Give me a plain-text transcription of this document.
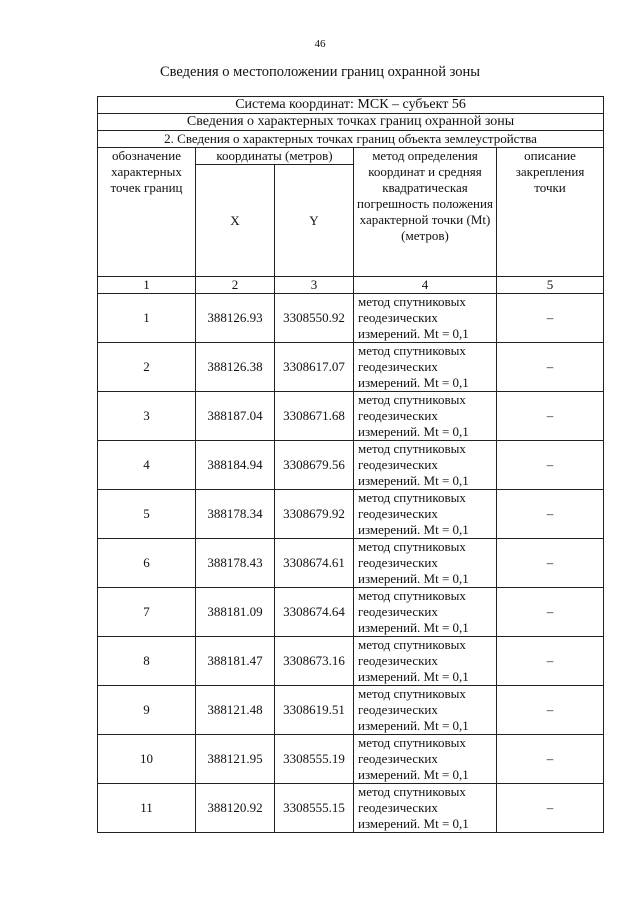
46
Сведения о местоположении границ охранной зоны
Система координат: МСК – субъект 56				
Сведения о характерных точках границ охранной зоны				
2. Сведения о характерных точках границ объекта землеустройства				
обозначение характерных точек границ	координаты (метров)		метод определения координат и средняя квадратическая погрешность положения характерной точки (Mt) (метров)	описание закрепления точки
	X	Y		
1	2	3	4	5
1	388126.93	3308550.92	метод спутниковых геодезических измерений. Mt = 0,1	–
2	388126.38	3308617.07	метод спутниковых геодезических измерений. Mt = 0,1	–
3	388187.04	3308671.68	метод спутниковых геодезических измерений. Mt = 0,1	–
4	388184.94	3308679.56	метод спутниковых геодезических измерений. Mt = 0,1	–
5	388178.34	3308679.92	метод спутниковых геодезических измерений. Mt = 0,1	–
6	388178.43	3308674.61	метод спутниковых геодезических измерений. Mt = 0,1	–
7	388181.09	3308674.64	метод спутниковых геодезических измерений. Mt = 0,1	–
8	388181.47	3308673.16	метод спутниковых геодезических измерений. Mt = 0,1	–
9	388121.48	3308619.51	метод спутниковых геодезических измерений. Mt = 0,1	–
10	388121.95	3308555.19	метод спутниковых геодезических измерений. Mt = 0,1	–
11	388120.92	3308555.15	метод спутниковых геодезических измерений. Mt = 0,1	–
